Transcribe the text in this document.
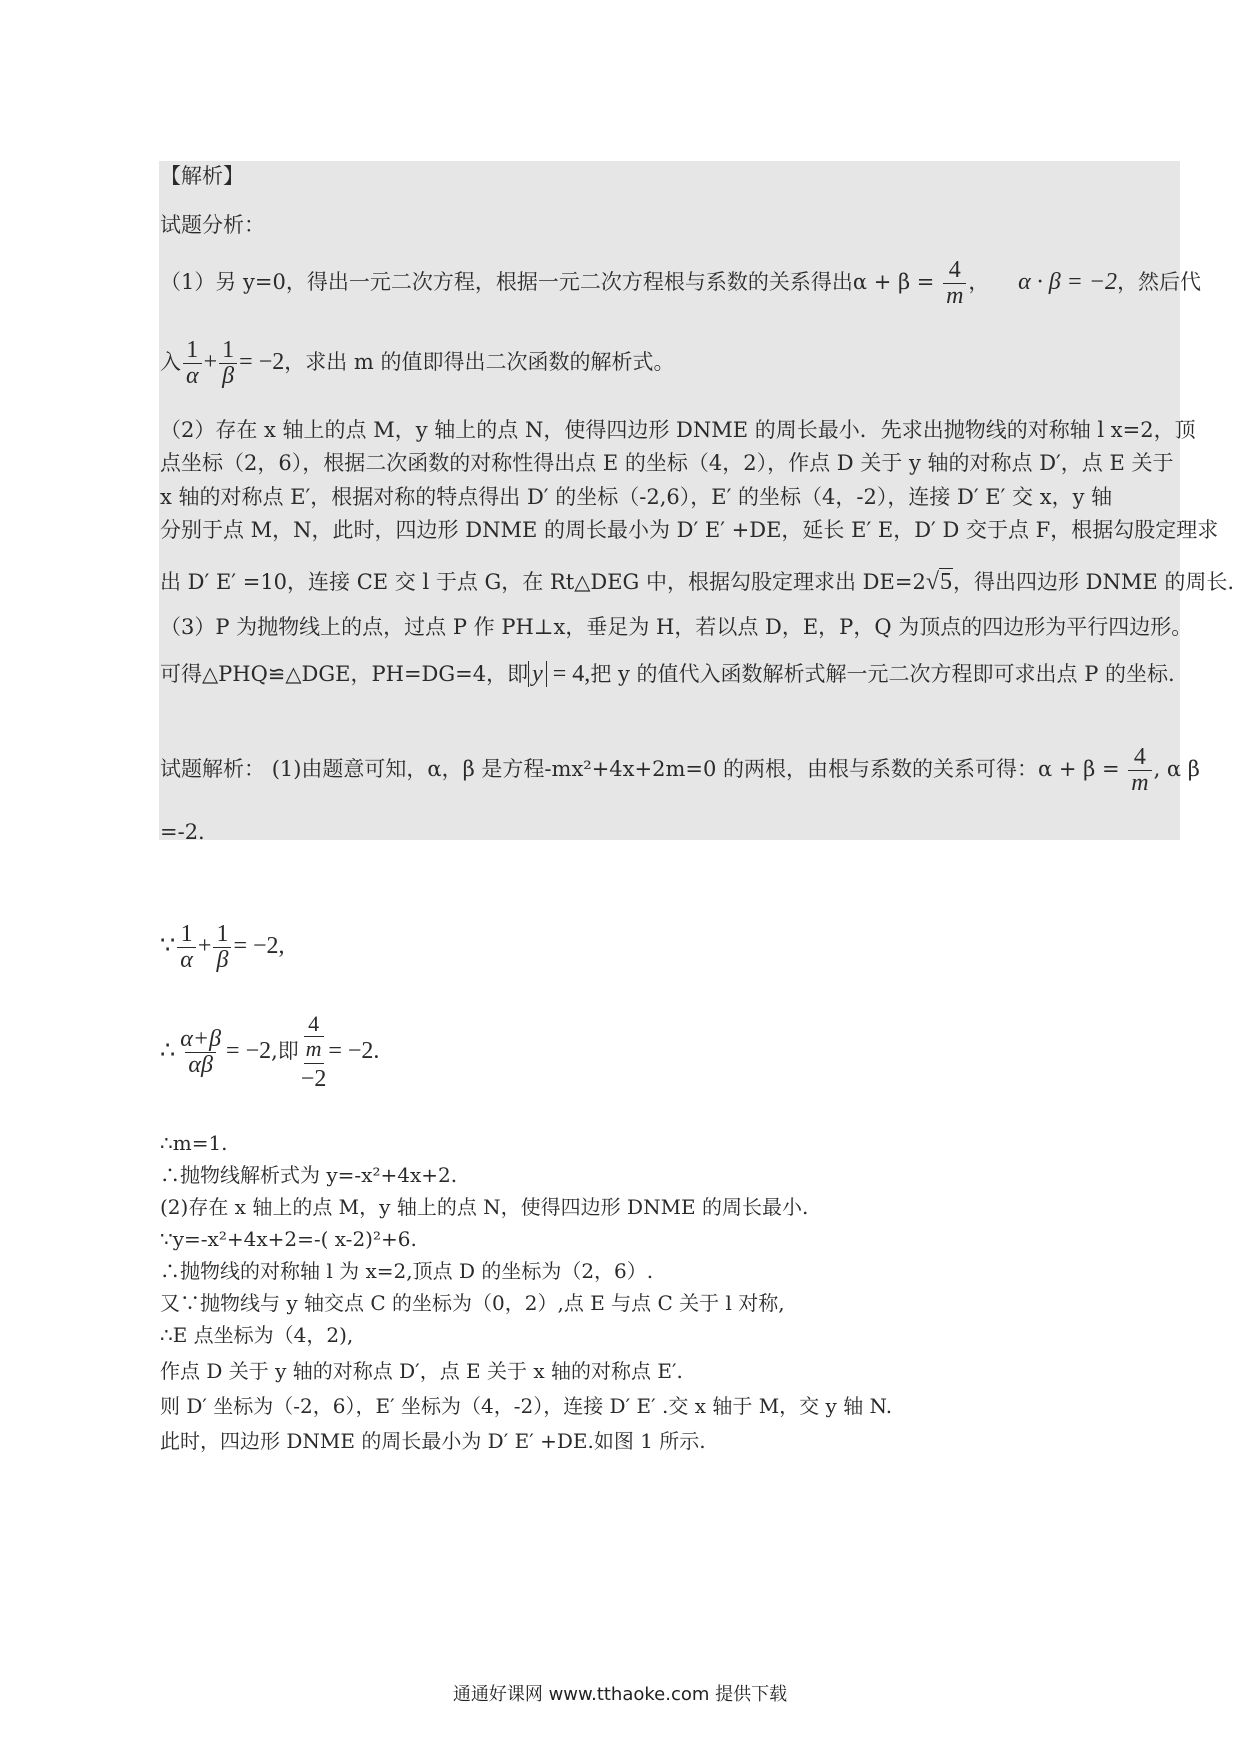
【解析】
试题分析：
（1）另 y=0，得出一元二次方程，根据一元二次方程根与系数的关系得出$\alpha + \beta = \frac{4}{m}$ ， α · β = −2，然后代
入 $\frac{1}{\alpha} + \frac{1}{\beta} = -2$，求出 m 的值即得出二次函数的解析式。
（2）存在 x 轴上的点 M，y 轴上的点 N，使得四边形 DNME 的周长最小．先求出抛物线的对称轴 l x=2，顶
点坐标（2，6），根据二次函数的对称性得出点 E 的坐标（4，2），作点 D 关于 y 轴的对称点 D′，点 E 关于
x 轴的对称点 E′，根据对称的特点得出 D′ 的坐标（-2,6），E′ 的坐标（4，-2），连接 D′ E′ 交 x，y 轴
分别于点 M，N，此时，四边形 DNME 的周长最小为 D′ E′ +DE，延长 E′ E，D′ D 交于点 F，根据勾股定理求
出 D′ E′ =10，连接 CE 交 l 于点 G，在 Rt△DEG 中，根据勾股定理求出 DE=2√5，得出四边形 DNME 的周长.
（3）P 为抛物线上的点，过点 P 作 PH⊥x，垂足为 H，若以点 D，E，P，Q 为顶点的四边形为平行四边形。
可得△PHQ≌△DGE，PH=DG=4，即 y = 4,把 y 的值代入函数解析式解一元二次方程即可求出点 P 的坐标.
试题解析： (1)由题意可知，α，β 是方程-mx²+4x+2m=0 的两根，由根与系数的关系可得：$\alpha + \beta = \frac{4}{m}$ , α β
=-2.
∵ $\frac{1}{\alpha} + \frac{1}{\beta} = -2$,
∴ $\frac{\alpha+\beta}{\alpha\beta} = -2$,即 $\frac{\frac{4}{m}}{-2} = -2$.
∴m=1.
∴抛物线解析式为 y=-x²+4x+2.
(2)存在 x 轴上的点 M，y 轴上的点 N，使得四边形 DNME 的周长最小.
∵y=-x²+4x+2=-( x-2)²+6.
∴抛物线的对称轴 l 为 x=2,顶点 D 的坐标为（2，6）.
又∵抛物线与 y 轴交点 C 的坐标为（0，2）,点 E 与点 C 关于 l 对称,
∴E 点坐标为（4，2),
作点 D 关于 y 轴的对称点 D′，点 E 关于 x 轴的对称点 E′.
则 D′ 坐标为（-2，6），E′ 坐标为（4，-2），连接 D′ E′ .交 x 轴于 M，交 y 轴 N.
此时，四边形 DNME 的周长最小为 D′ E′ +DE.如图 1 所示.
通通好课网 www.tthaoke.com 提供下载
